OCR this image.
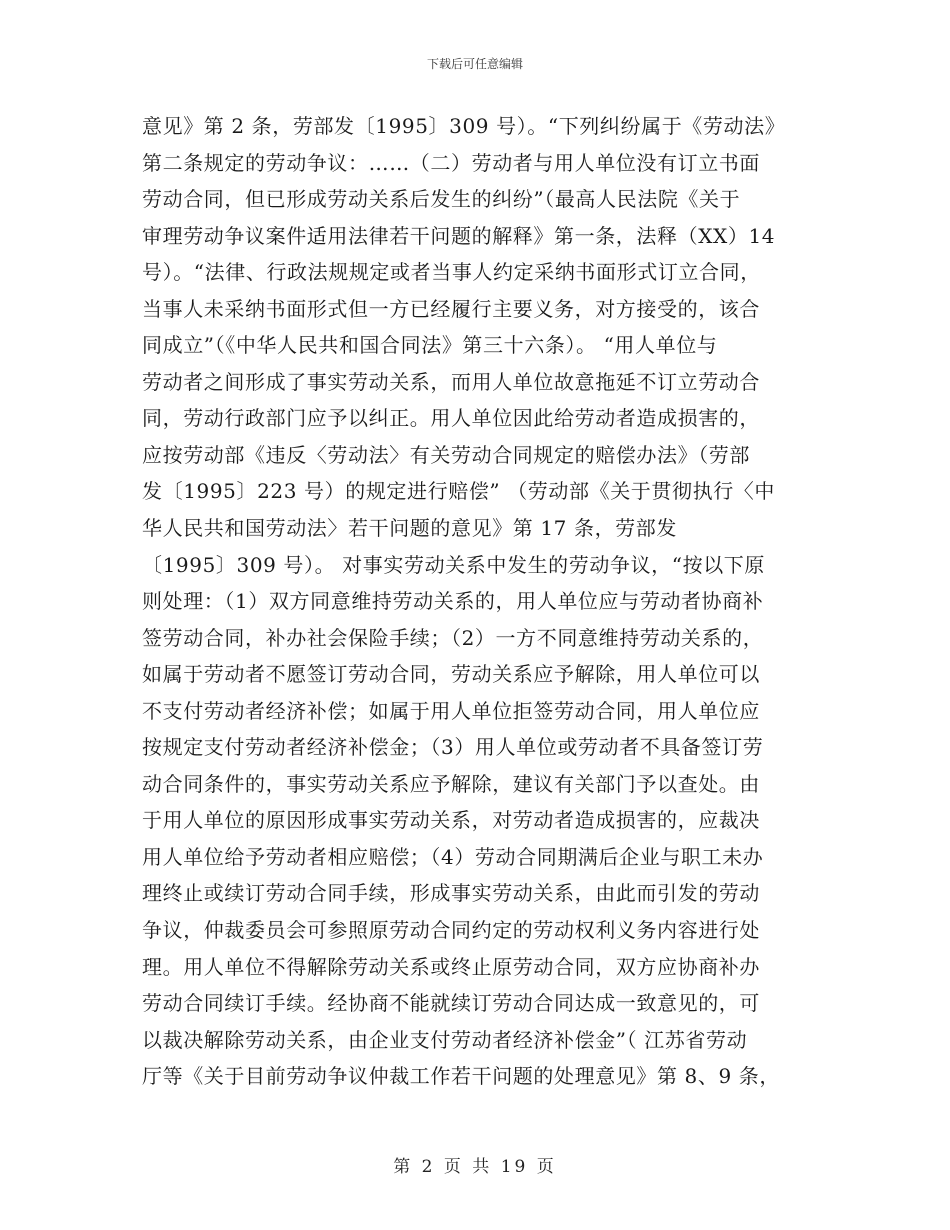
下载后可任意编辑
意见》第 2 条，劳部发〔1995〕309 号）。“下列纠纷属于《劳动法》
第二条规定的劳动争议：……（二）劳动者与用人单位没有订立书面
劳动合同，但已形成劳动关系后发生的纠纷”（最高人民法院《关于
审理劳动争议案件适用法律若干问题的解释》第一条，法释（XX）14
号）。“法律、行政法规规定或者当事人约定采纳书面形式订立合同，
当事人未采纳书面形式但一方已经履行主要义务，对方接受的，该合
同成立”（《中华人民共和国合同法》第三十六条）。 “用人单位与
劳动者之间形成了事实劳动关系，而用人单位故意拖延不订立劳动合
同，劳动行政部门应予以纠正。用人单位因此给劳动者造成损害的，
应按劳动部《违反〈劳动法〉有关劳动合同规定的赔偿办法》（劳部
发〔1995〕223 号）的规定进行赔偿” （劳动部《关于贯彻执行〈中
华人民共和国劳动法〉若干问题的意见》第 17 条，劳部发
〔1995〕309 号）。 对事实劳动关系中发生的劳动争议，“按以下原
则处理：（1）双方同意维持劳动关系的，用人单位应与劳动者协商补
签劳动合同，补办社会保险手续；（2）一方不同意维持劳动关系的，
如属于劳动者不愿签订劳动合同，劳动关系应予解除，用人单位可以
不支付劳动者经济补偿；如属于用人单位拒签劳动合同，用人单位应
按规定支付劳动者经济补偿金；（3）用人单位或劳动者不具备签订劳
动合同条件的，事实劳动关系应予解除，建议有关部门予以查处。由
于用人单位的原因形成事实劳动关系，对劳动者造成损害的，应裁决
用人单位给予劳动者相应赔偿；（4）劳动合同期满后企业与职工未办
理终止或续订劳动合同手续，形成事实劳动关系，由此而引发的劳动
争议，仲裁委员会可参照原劳动合同约定的劳动权利义务内容进行处
理。用人单位不得解除劳动关系或终止原劳动合同，双方应协商补办
劳动合同续订手续。经协商不能就续订劳动合同达成一致意见的，可
以裁决解除劳动关系，由企业支付劳动者经济补偿金”（ 江苏省劳动
厅等《关于目前劳动争议仲裁工作若干问题的处理意见》第 8、9 条，
第 2 页 共 19 页
